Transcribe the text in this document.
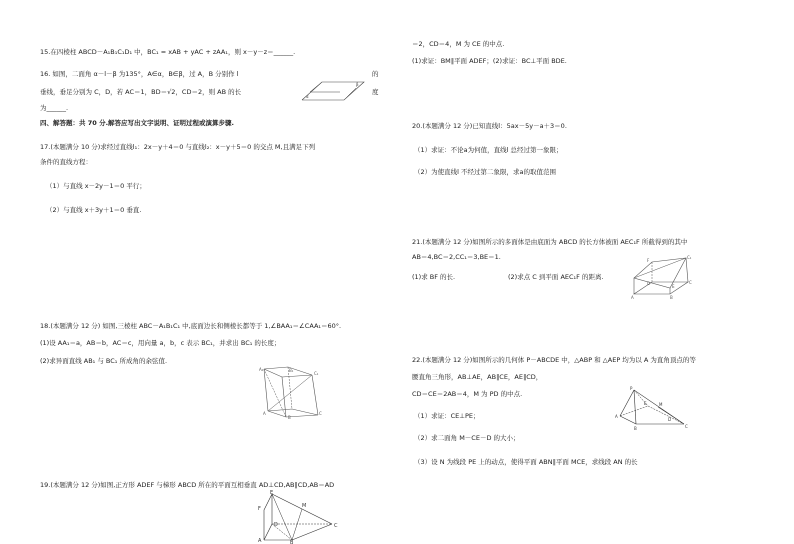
15.在四棱柱 ABCD－A₁B₁C₁D₁ 中，BC₁ = xAB + yAC + zAA₁，则 x－y－z＝______.
16. 如图，二面角 α－l－β 为135°，A∈α，B∈β，过 A，B 分别作 l	的
垂线，垂足分别为 C，D，若 AC＝1，BD＝√2，CD＝2，则 AB 的长	度
为______.
α
β
四、解答题：共 70 分.解答应写出文字说明、证明过程或演算步骤.
17.(本题满分 10 分)求经过直线l₁：2x－y＋4＝0 与直线l₂：x－y＋5＝0 的交点 M,且满足下列
条件的直线方程：
（1）与直线 x－2y－1＝0 平行；
（2）与直线 x＋3y＋1＝0 垂直.
18.(本题满分 12 分) 如图,三棱柱 ABC－A₁B₁C₁ 中,底面边长和侧棱长都等于 1,∠BAA₁＝∠CAA₁＝60°.
(1)设 AA₁＝a，AB＝b，AC＝c，用向量 a，b，c 表示 BC₁，并求出 BC₁ 的长度；
(2)求异面直线 AB₁ 与 BC₁ 所成角的余弦值.
A₁
C₁
B₁
A	C
B
19.(本题满分 12 分)如图,正方形 ADEF 与梯形 ABCD 所在的平面互相垂直 AD⊥CD,AB∥CD,AB＝AD
E
F	M
D	C
A	B
＝2，CD＝4，M 为 CE 的中点.
(1)求证：BM∥平面 ADEF；(2)求证：BC⊥平面 BDE.
20.(本题满分 12 分)已知直线l：5ax－5y－a＋3＝0.
（1）求证：不论a为何值，直线l 总经过第一象限；
（2）为使直线l 不经过第二象限，求a的取值范围
21.(本题满分 12 分)如图所示的多面体是由底面为 ABCD 的长方体被面 AEC₁F 所截得到的其中
AB＝4,BC＝2,CC₁＝3,BE＝1.
(1)求 BF 的长.	(2)求点 C 到平面 AEC₁F 的距离.
F
C₁
D	C
E
A	B
22.(本题满分 12 分)如图所示的几何体 P－ABCDE 中，△ABP 和 △AEP 均为以 A 为直角顶点的等
腰直角三角形，AB⊥AE，AB∥CE，AE∥CD，
CD＝CE＝2AB＝4，M 为 PD 的中点.
（1）求证：CE⊥PE；
（2）求二面角 M－CE－D 的大小；
（3）设 N 为线段 PE 上的动点，使得平面 ABN∥平面 MCE，求线段 AN 的长
P
M
E
A
D
B	C
